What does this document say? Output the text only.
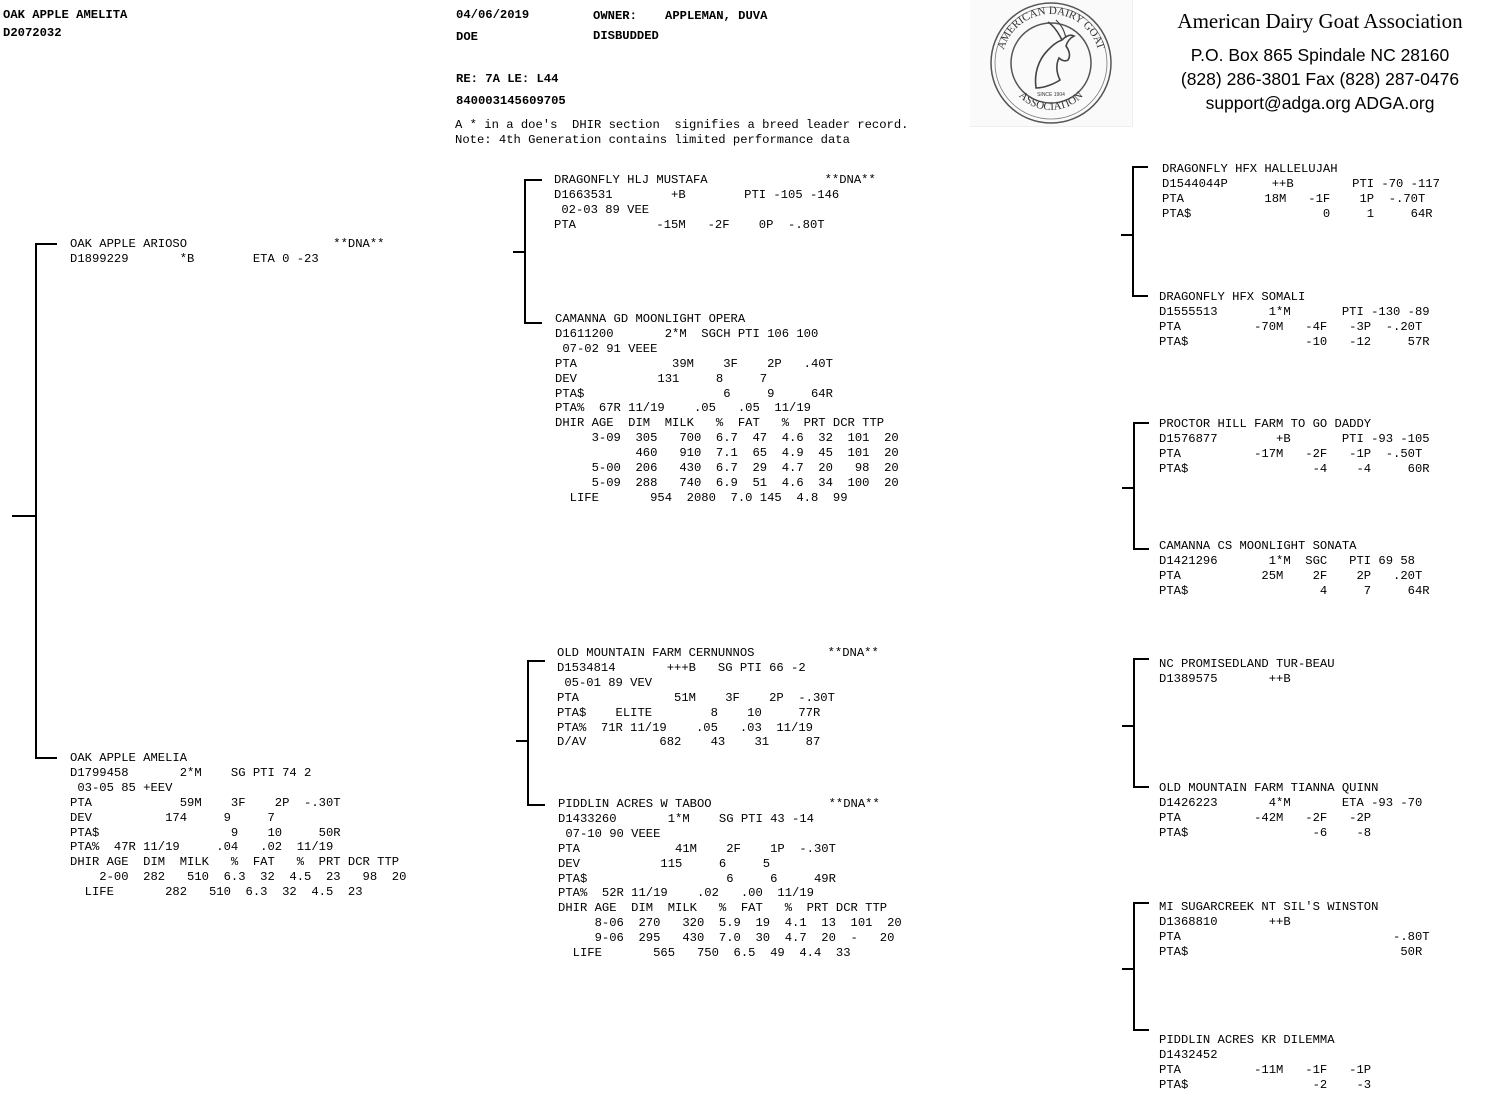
OAK APPLE AMELITA
D2072032
04/06/2019	OWNER: APPLEMAN, DUVA
DOE	DISBUDDED
RE: 7A LE: L44
840003145609705
A * in a doe's  DHIR section  signifies a breed leader record.
Note: 4th Generation contains limited performance data
AMERICAN DAIRY GOAT
ASSOCIATION
SINCE 1904
American Dairy Goat Association
P.O. Box 865 Spindale NC 28160
(828) 286-3801 Fax (828) 287-0476
support@adga.org ADGA.org
OAK APPLE ARIOSO                    **DNA**
D1899229       *B        ETA 0 -23
OAK APPLE AMELIA
D1799458       2*M    SG PTI 74 2
03-05 85 +EEV
PTA            59M    3F    2P  -.30T
DEV          174     9     7
PTA$                  9    10     50R
PTA%  47R 11/19     .04   .02  11/19
DHIR AGE  DIM  MILK   %  FAT   %  PRT DCR TTP
2-00  282   510  6.3  32  4.5  23   98  20
LIFE       282   510  6.3  32  4.5  23
DRAGONFLY HLJ MUSTAFA                **DNA**
D1663531        +B        PTI -105 -146
02-03 89 VEE
PTA           -15M   -2F    0P  -.80T
CAMANNA GD MOONLIGHT OPERA
D1611200       2*M  SGCH PTI 106 100
07-02 91 VEEE
PTA             39M    3F    2P   .40T
DEV           131     8     7
PTA$                   6     9     64R
PTA%  67R 11/19    .05   .05  11/19
DHIR AGE  DIM  MILK   %  FAT   %  PRT DCR TTP
3-09  305   700  6.7  47  4.6  32  101  20
460   910  7.1  65  4.9  45  101  20
5-00  206   430  6.7  29  4.7  20   98  20
5-09  288   740  6.9  51  4.6  34  100  20
LIFE       954  2080  7.0 145  4.8  99
OLD MOUNTAIN FARM CERNUNNOS          **DNA**
D1534814       +++B   SG PTI 66 -2
05-01 89 VEV
PTA             51M    3F    2P  -.30T
PTA$    ELITE        8    10     77R
PTA%  71R 11/19    .05   .03  11/19
D/AV          682    43    31     87
PIDDLIN ACRES W TABOO                **DNA**
D1433260       1*M    SG PTI 43 -14
07-10 90 VEEE
PTA             41M    2F    1P  -.30T
DEV           115     6     5
PTA$                   6     6     49R
PTA%  52R 11/19    .02   .00  11/19
DHIR AGE  DIM  MILK   %  FAT   %  PRT DCR TTP
8-06  270   320  5.9  19  4.1  13  101  20
9-06  295   430  7.0  30  4.7  20  -   20
LIFE       565   750  6.5  49  4.4  33
DRAGONFLY HFX HALLELUJAH
D1544044P      ++B        PTI -70 -117
PTA           18M   -1F    1P  -.70T
PTA$                  0     1     64R
DRAGONFLY HFX SOMALI
D1555513       1*M       PTI -130 -89
PTA          -70M   -4F   -3P  -.20T
PTA$                -10   -12     57R
PROCTOR HILL FARM TO GO DADDY
D1576877        +B       PTI -93 -105
PTA          -17M   -2F   -1P  -.50T
PTA$                 -4    -4     60R
CAMANNA CS MOONLIGHT SONATA
D1421296       1*M  SGC   PTI 69 58
PTA           25M    2F    2P   .20T
PTA$                  4     7     64R
NC PROMISEDLAND TUR-BEAU
D1389575       ++B
OLD MOUNTAIN FARM TIANNA QUINN
D1426223       4*M       ETA -93 -70
PTA          -42M   -2F   -2P
PTA$                 -6    -8
MI SUGARCREEK NT SIL'S WINSTON
D1368810       ++B
PTA                             -.80T
PTA$                             50R
PIDDLIN ACRES KR DILEMMA
D1432452
PTA          -11M   -1F   -1P
PTA$                 -2    -3
